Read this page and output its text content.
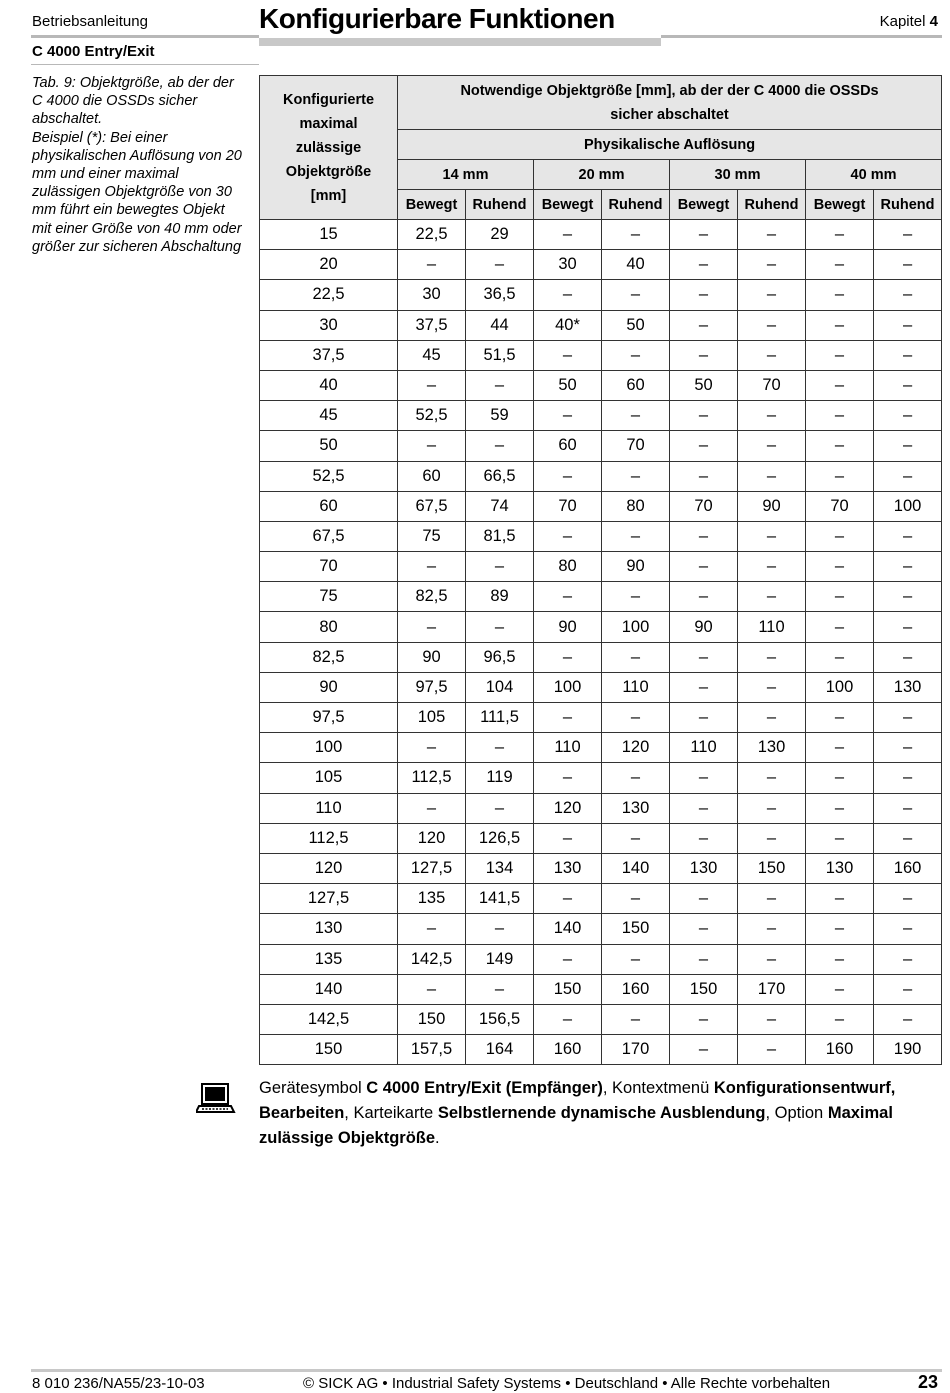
Betriebsanleitung
C 4000 Entry/Exit
Konfigurierbare Funktionen	Kapitel 4

Tab. 9: Objektgröße, ab der der C 4000 die OSSDs sicher abschaltet.

Beispiel (*): Bei einer physikalischen Auflösung von 20 mm und einer maximal zulässigen Objektgröße von 30 mm führt ein bewegtes Objekt mit einer Größe von 40 mm oder größer zur sicheren Abschaltung

Konfigurierte
maximal
zulässige
Objektgröße
[mm]	Notwendige Objektgröße [mm], ab der der C 4000 die OSSDs
sicher abschaltet							
	Physikalische Auflösung							
	14 mm		20 mm		30 mm		40 mm	
	Bewegt	Ruhend	Bewegt	Ruhend	Bewegt	Ruhend	Bewegt	Ruhend
15	22,5	29	–	–	–	–	–	–
20	–	–	30	40	–	–	–	–
22,5	30	36,5	–	–	–	–	–	–
30	37,5	44	40*	50	–	–	–	–
37,5	45	51,5	–	–	–	–	–	–
40	–	–	50	60	50	70	–	–
45	52,5	59	–	–	–	–	–	–
50	–	–	60	70	–	–	–	–
52,5	60	66,5	–	–	–	–	–	–
60	67,5	74	70	80	70	90	70	100
67,5	75	81,5	–	–	–	–	–	–
70	–	–	80	90	–	–	–	–
75	82,5	89	–	–	–	–	–	–
80	–	–	90	100	90	110	–	–
82,5	90	96,5	–	–	–	–	–	–
90	97,5	104	100	110	–	–	100	130
97,5	105	111,5	–	–	–	–	–	–
100	–	–	110	120	110	130	–	–
105	112,5	119	–	–	–	–	–	–
110	–	–	120	130	–	–	–	–
112,5	120	126,5	–	–	–	–	–	–
120	127,5	134	130	140	130	150	130	160
127,5	135	141,5	–	–	–	–	–	–
130	–	–	140	150	–	–	–	–
135	142,5	149	–	–	–	–	–	–
140	–	–	150	160	150	170	–	–
142,5	150	156,5	–	–	–	–	–	–
150	157,5	164	160	170	–	–	160	190
Gerätesymbol C 4000 Entry/Exit (Empfänger), Kontextmenü Konfigurationsentwurf, Bearbeiten, Karteikarte Selbstlernende dynamische Ausblendung, Option Maximal zulässige Objektgröße.
8 010 236/NA55/23-10-03	© SICK AG • Industrial Safety Systems • Deutschland • Alle Rechte vorbehalten	23
